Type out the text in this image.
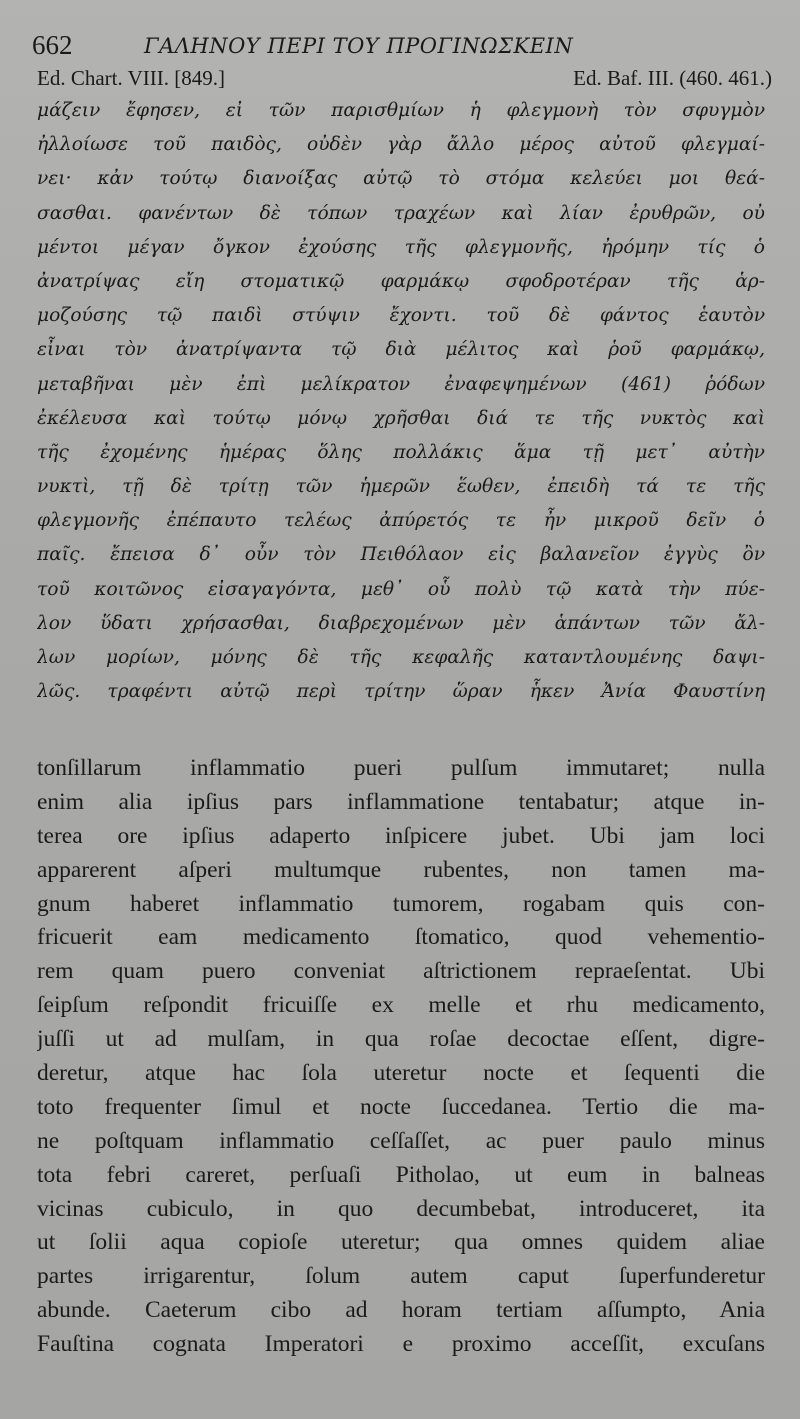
662	ΓΑΛΗΝΟΥ ΠΕΡΙ ΤΟΥ ΠΡΟΓΙΝΩΣΚΕΙΝ
Ed. Chart. VIII. [849.]	Ed. Baf. III. (460. 461.)
μάζειν ἔφησεν, εἰ τῶν παρισθμίων ἡ φλεγμονὴ τὸν σφυγμὸν
ἠλλοίωσε τοῦ παιδὸς, οὐδὲν γὰρ ἄλλο μέρος αὐτοῦ φλεγμαί-
νει· κἀν τούτῳ διανοίξας αὐτῷ τὸ στόμα κελεύει μοι θεά-
σασθαι. φανέντων δὲ τόπων τραχέων καὶ λίαν ἐρυθρῶν, οὐ
μέντοι μέγαν ὄγκον ἐχούσης τῆς φλεγμονῆς, ἠρόμην τίς ὁ
ἀνατρίψας εἴη στοματικῷ φαρμάκῳ σφοδροτέραν τῆς ἁρ-
μοζούσης τῷ παιδὶ στύψιν ἔχοντι. τοῦ δὲ φάντος ἑαυτὸν
εἶναι τὸν ἀνατρίψαντα τῷ διὰ μέλιτος καὶ ῥοῦ φαρμάκῳ,
μεταβῆναι μὲν ἐπὶ μελίκρατον ἐναφεψημένων (461) ῥόδων
ἐκέλευσα καὶ τούτῳ μόνῳ χρῆσθαι διά τε τῆς νυκτὸς καὶ
τῆς ἐχομένης ἡμέρας ὅλης πολλάκις ἅμα τῇ μετ᾽ αὐτὴν
νυκτὶ, τῇ δὲ τρίτῃ τῶν ἡμερῶν ἕωθεν, ἐπειδὴ τά τε τῆς
φλεγμονῆς ἐπέπαυτο τελέως ἀπύρετός τε ἦν μικροῦ δεῖν ὁ
παῖς. ἔπεισα δ᾽ οὖν τὸν Πειθόλαον εἰς βαλανεῖον ἐγγὺς ὂν
τοῦ κοιτῶνος εἰσαγαγόντα, μεθ᾽ οὗ πολὺ τῷ κατὰ τὴν πύε-
λον ὕδατι χρήσασθαι, διαβρεχομένων μὲν ἁπάντων τῶν ἄλ-
λων μορίων, μόνης δὲ τῆς κεφαλῆς καταντλουμένης δαψι-
λῶς. τραφέντι αὐτῷ περὶ τρίτην ὥραν ἧκεν Ἀνία Φαυστίνη
tonſillarum inflammatio pueri pulſum immutaret; nulla
enim alia ipſius pars inflammatione tentabatur; atque in-
terea ore ipſius adaperto inſpicere jubet. Ubi jam loci
apparerent aſperi multumque rubentes, non tamen ma-
gnum haberet inflammatio tumorem, rogabam quis con-
fricuerit eam medicamento ſtomatico, quod vehementio-
rem quam puero conveniat aſtrictionem repraeſentat. Ubi
ſeipſum reſpondit fricuiſſe ex melle et rhu medicamento,
juſſi ut ad mulſam, in qua roſae decoctae eſſent, digre-
deretur, atque hac ſola uteretur nocte et ſequenti die
toto frequenter ſimul et nocte ſuccedanea. Tertio die ma-
ne poſtquam inflammatio ceſſaſſet, ac puer paulo minus
tota febri careret, perſuaſi Pitholao, ut eum in balneas
vicinas cubiculo, in quo decumbebat, introduceret, ita
ut ſolii aqua copioſe uteretur; qua omnes quidem aliae
partes irrigarentur, ſolum autem caput ſuperfunderetur
abunde. Caeterum cibo ad horam tertiam aſſumpto, Ania
Fauſtina cognata Imperatori e proximo acceſſit, excuſans
